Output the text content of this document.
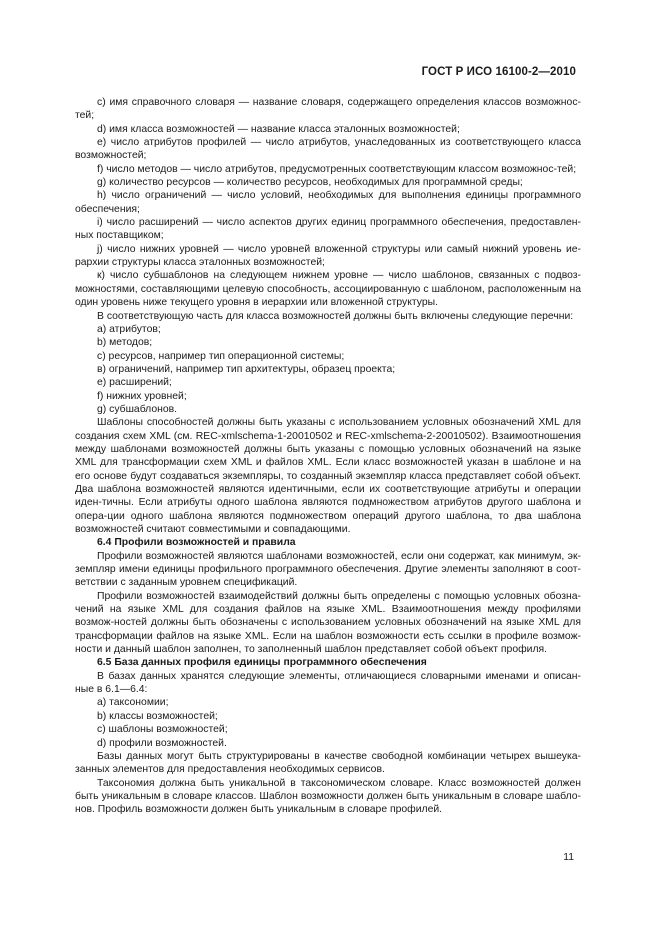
ГОСТ Р ИСО 16100-2—2010

с) имя справочного словаря — название словаря, содержащего определения классов возможнос-тей;

d) имя класса возможностей — название класса эталонных возможностей;

е) число атрибутов профилей — число атрибутов, унаследованных из соответствующего класса возможностей;

f) число методов — число атрибутов, предусмотренных соответствующим классом возможнос-тей;

g) количество ресурсов — количество ресурсов, необходимых для программной среды;

h) число ограничений — число условий, необходимых для выполнения единицы программного обеспечения;

i) число расширений — число аспектов других единиц программного обеспечения, предоставлен-ных поставщиком;

j) число нижних уровней — число уровней вложенной структуры или самый нижний уровень ие-рархии структуры класса эталонных возможностей;

к) число субшаблонов на следующем нижнем уровне — число шаблонов, связанных с подвоз-можностями, составляющими целевую способность, ассоциированную с шаблоном, расположенным на один уровень ниже текущего уровня в иерархии или вложенной структуры.

В соответствующую часть для класса возможностей должны быть включены следующие перечни:

а) атрибутов;

b) методов;

с) ресурсов, например тип операционной системы;

в) ограничений, например тип архитектуры, образец проекта;

е) расширений;

f) нижних уровней;

g) субшаблонов.

Шаблоны способностей должны быть указаны с использованием условных обозначений XML для создания схем XML (см. REC-xmlschema-1-20010502 и REC-xmlschema-2-20010502). Взаимоотношения между шаблонами возможностей должны быть указаны с помощью условных обозначений на языке XML для трансформации схем XML и файлов XML. Если класс возможностей указан в шаблоне и на его основе будут создаваться экземпляры, то созданный экземпляр класса представляет собой объект. Два шаблона возможностей являются идентичными, если их соответствующие атрибуты и операции иден-тичны. Если атрибуты одного шаблона являются подмножеством атрибутов другого шаблона и опера-ции одного шаблона являются подмножеством операций другого шаблона, то два шаблона возможностей считают совместимыми и совпадающими.

6.4 Профили возможностей и правила

Профили возможностей являются шаблонами возможностей, если они содержат, как минимум, эк-земпляр имени единицы профильного программного обеспечения. Другие элементы заполняют в соот-ветствии с заданным уровнем спецификаций.

Профили возможностей взаимодействий должны быть определены с помощью условных обозна-чений на языке XML для создания файлов на языке XML. Взаимоотношения между профилями возмож-ностей должны быть обозначены с использованием условных обозначений на языке XML для трансформации файлов на языке XML. Если на шаблон возможности есть ссылки в профиле возмож-ности и данный шаблон заполнен, то заполненный шаблон представляет собой объект профиля.

6.5 База данных профиля единицы программного обеспечения

В базах данных хранятся следующие элементы, отличающиеся словарными именами и описан-ные в 6.1—6.4:

а) таксономии;

b) классы возможностей;

с) шаблоны возможностей;

d) профили возможностей.

Базы данных могут быть структурированы в качестве свободной комбинации четырех вышеука-занных элементов для предоставления необходимых сервисов.

Таксономия должна быть уникальной в таксономическом словаре. Класс возможностей должен быть уникальным в словаре классов. Шаблон возможности должен быть уникальным в словаре шабло-нов. Профиль возможности должен быть уникальным в словаре профилей.

11
